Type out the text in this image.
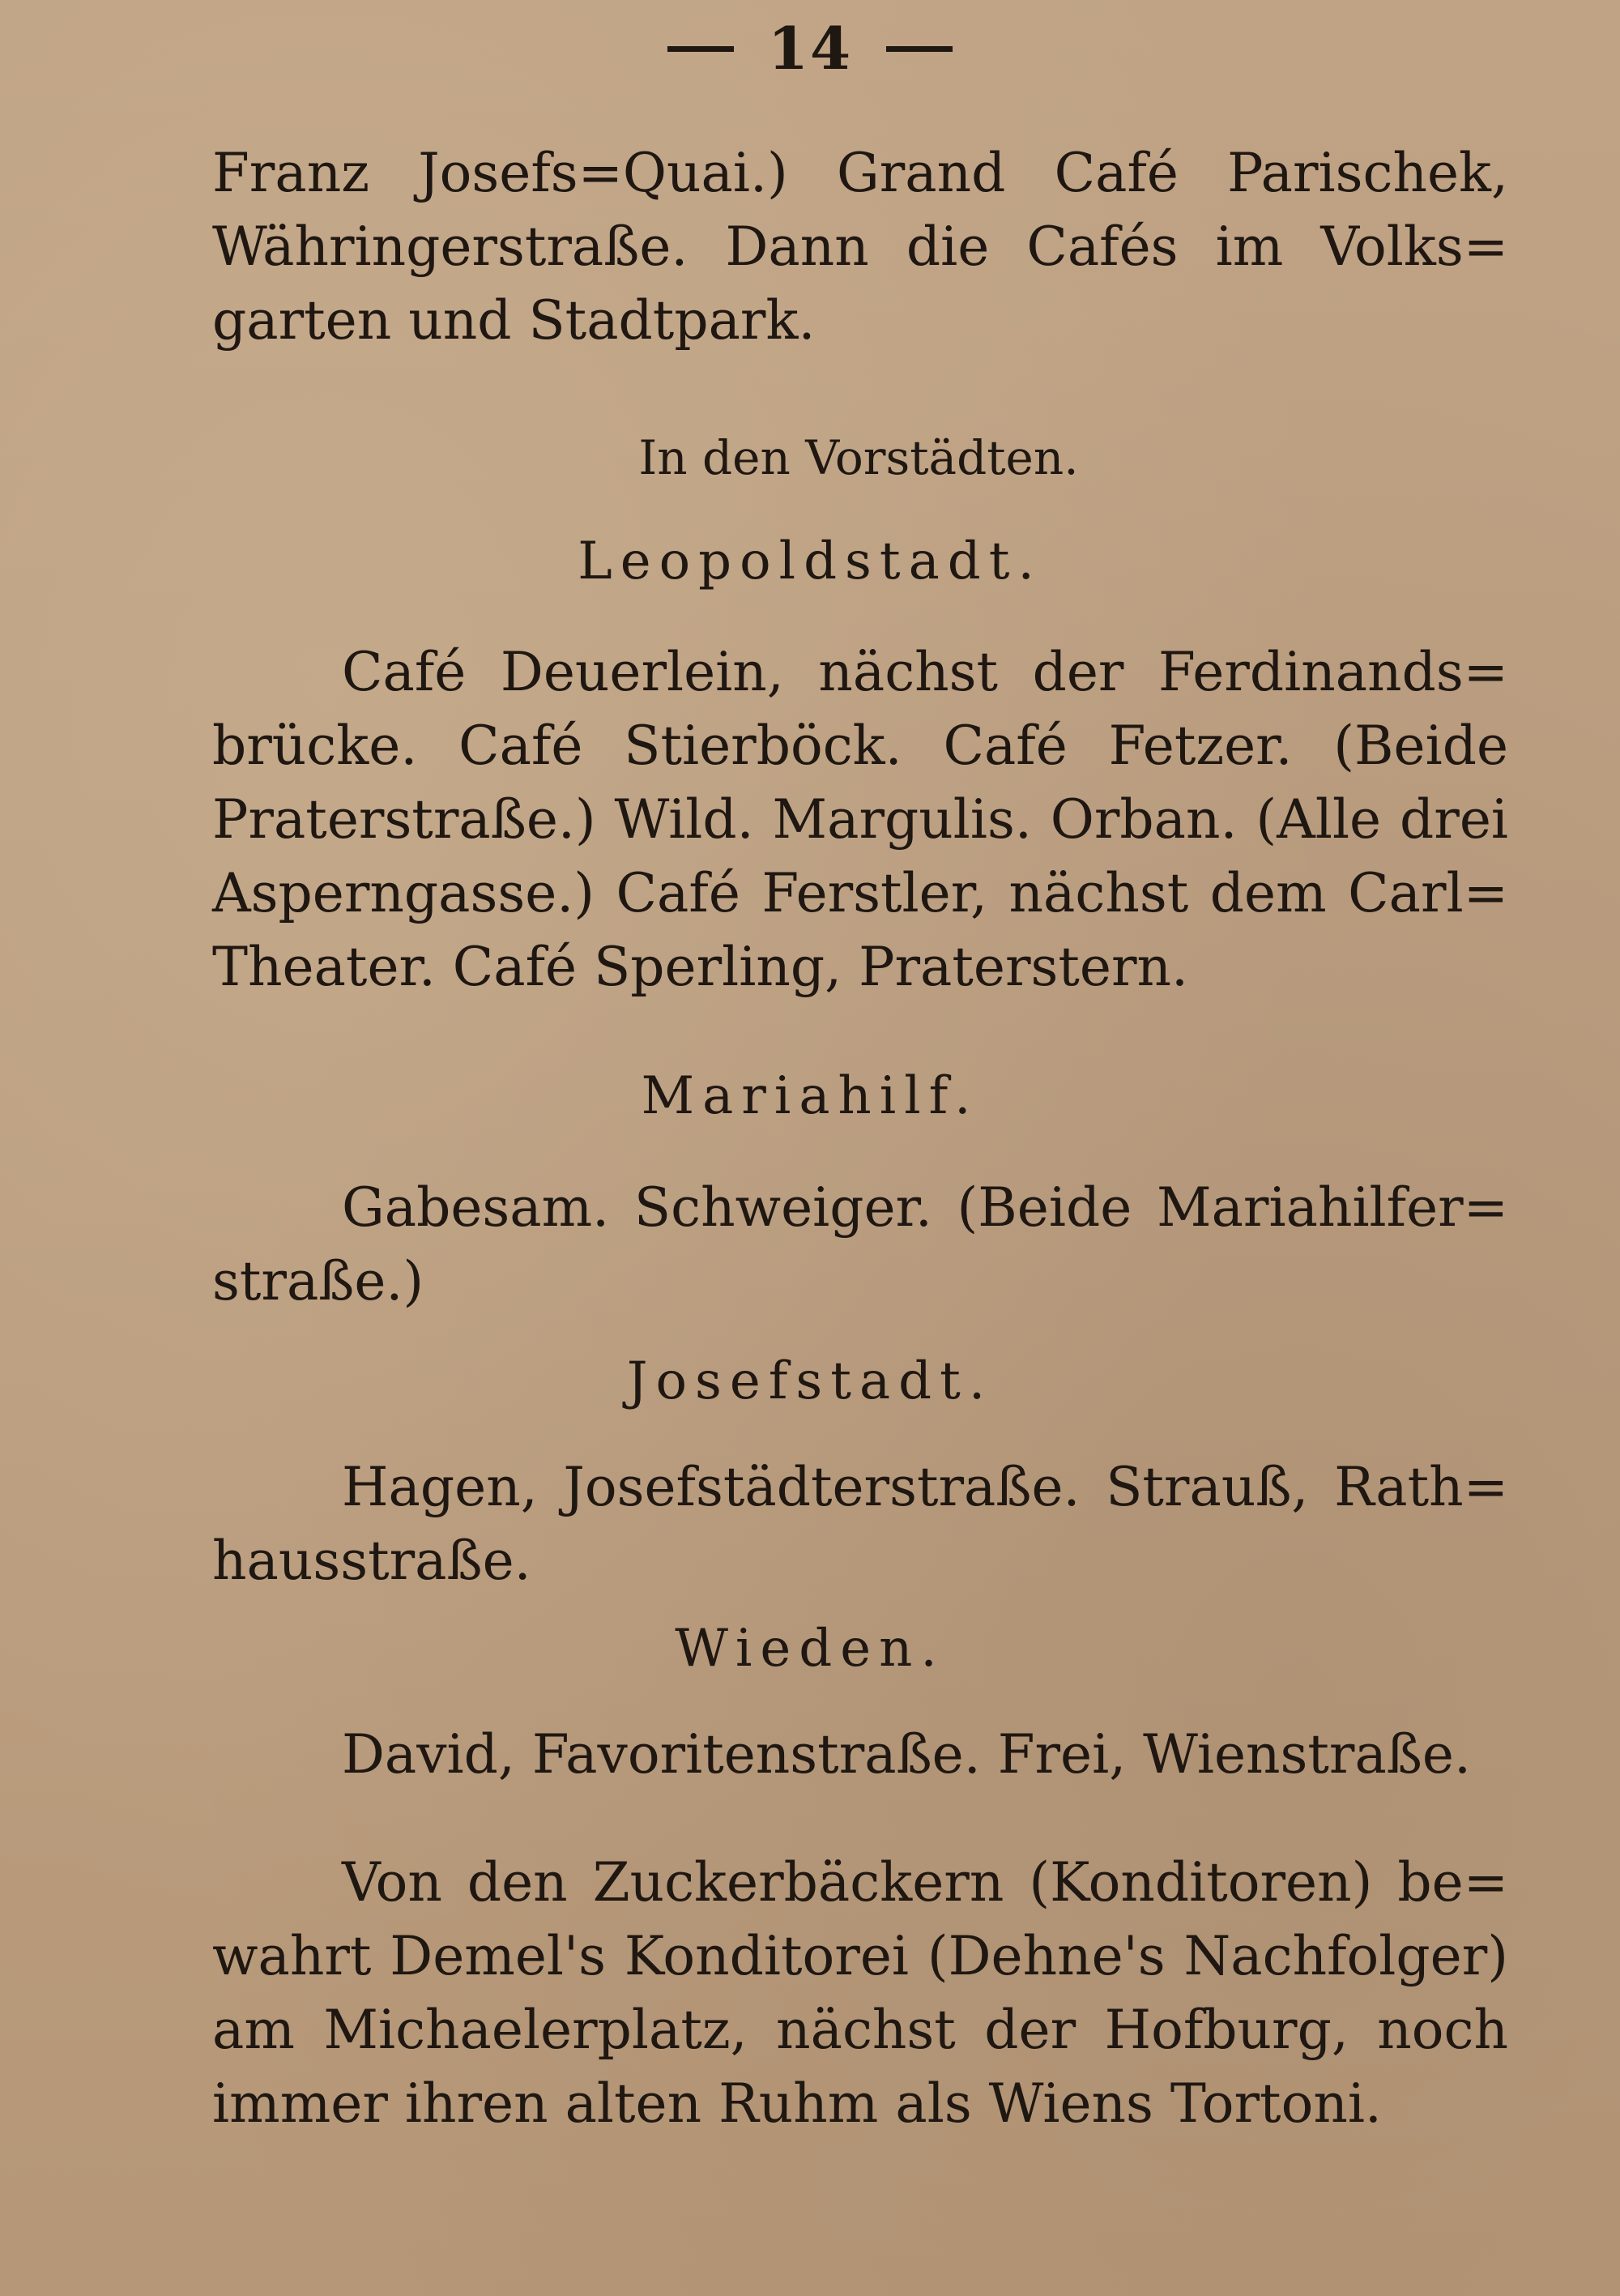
14
Franz Josefs=Quai.) Grand Café Parischek, Währingerstraße. Dann die Cafés im Volks= garten und Stadtpark.
In den Vorstädten.
Leopoldstadt.
Café Deuerlein, nächst der Ferdinands= brücke. Café Stierböck. Café Fetzer. (Beide Praterstraße.) Wild. Margulis. Orban. (Alle drei Asperngasse.) Café Ferstler, nächst dem Carl= Theater. Café Sperling, Praterstern.
Mariahilf.
Gabesam. Schweiger. (Beide Mariahilfer= straße.)
Josefstadt.
Hagen, Josefstädterstraße. Strauß, Rath= hausstraße.
Wieden.
David, Favoritenstraße. Frei, Wienstraße.
Von den Zuckerbäckern (Konditoren) be= wahrt Demel's Konditorei (Dehne's Nachfolger) am Michaelerplatz, nächst der Hofburg, noch immer ihren alten Ruhm als Wiens Tortoni.
